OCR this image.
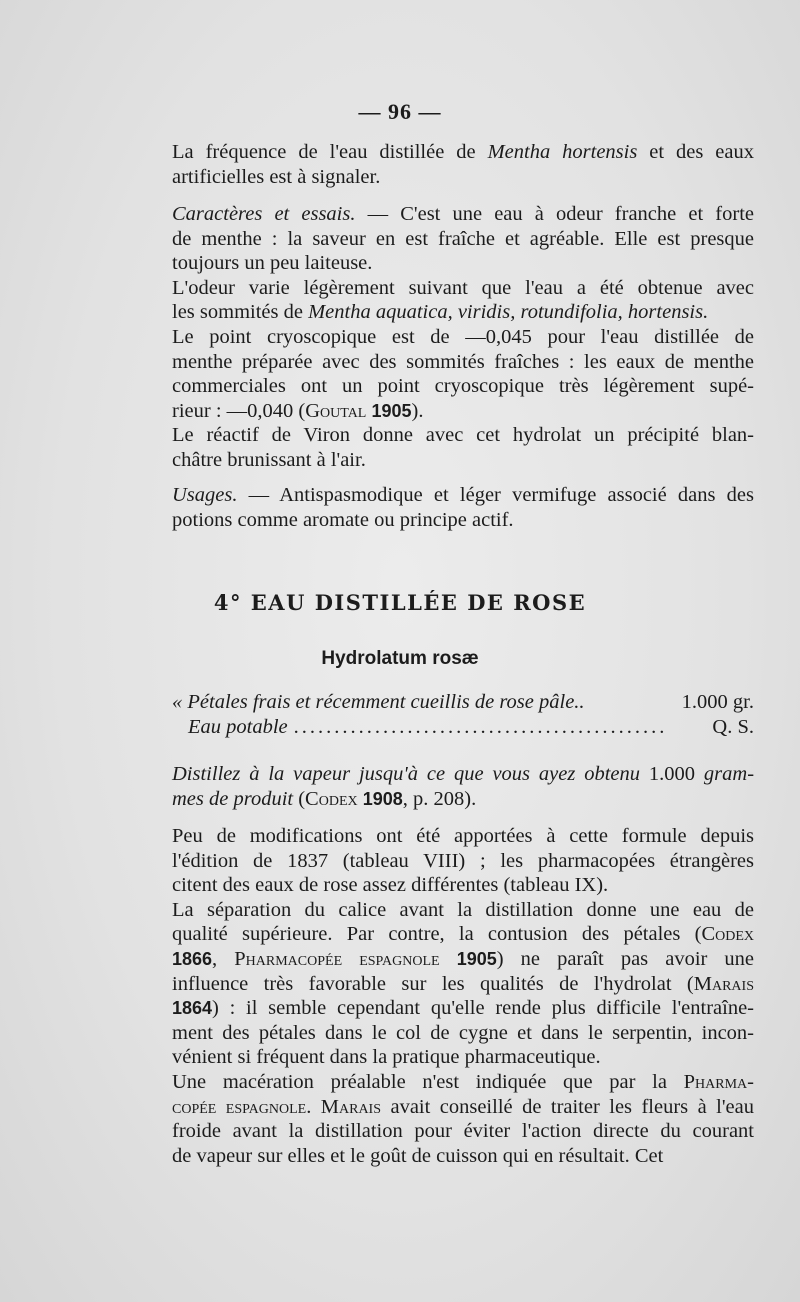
— 96 —

La fréquence de l'eau distillée de Mentha hortensis et des eaux
artificielles est à signaler.

Caractères et essais. — C'est une eau à odeur franche et forte
de menthe : la saveur en est fraîche et agréable. Elle est presque
toujours un peu laiteuse.

L'odeur varie légèrement suivant que l'eau a été obtenue avec
les sommités de Mentha aquatica, viridis, rotundifolia, hortensis.

Le point cryoscopique est de —0,045 pour l'eau distillée de
menthe préparée avec des sommités fraîches : les eaux de menthe
commerciales ont un point cryoscopique très légèrement supé-
rieur : —0,040 (Goutal 1905).

Le réactif de Viron donne avec cet hydrolat un précipité blan-
châtre brunissant à l'air.

Usages. — Antispasmodique et léger vermifuge associé dans des
potions comme aromate ou principe actif.

4° EAU DISTILLÉE DE ROSE
Hydrolatum rosæ
« Pétales frais et récemment cueillis de rose pâle..	1.000 gr.
Eau potable
.....	Q. S.

Distillez à la vapeur jusqu'à ce que vous ayez obtenu 1.000 gram-
mes de produit (Codex 1908, p. 208).

Peu de modifications ont été apportées à cette formule depuis
l'édition de 1837 (tableau VIII) ; les pharmacopées étrangères
citent des eaux de rose assez différentes (tableau IX).

La séparation du calice avant la distillation donne une eau de
qualité supérieure. Par contre, la contusion des pétales (Codex
1866, Pharmacopée espagnole 1905) ne paraît pas avoir une
influence très favorable sur les qualités de l'hydrolat (Marais
1864) : il semble cependant qu'elle rende plus difficile l'entraîne-
ment des pétales dans le col de cygne et dans le serpentin, incon-
vénient si fréquent dans la pratique pharmaceutique.

Une macération préalable n'est indiquée que par la Pharma-
copée espagnole. Marais avait conseillé de traiter les fleurs à l'eau
froide avant la distillation pour éviter l'action directe du courant
de vapeur sur elles et le goût de cuisson qui en résultait. Cet
